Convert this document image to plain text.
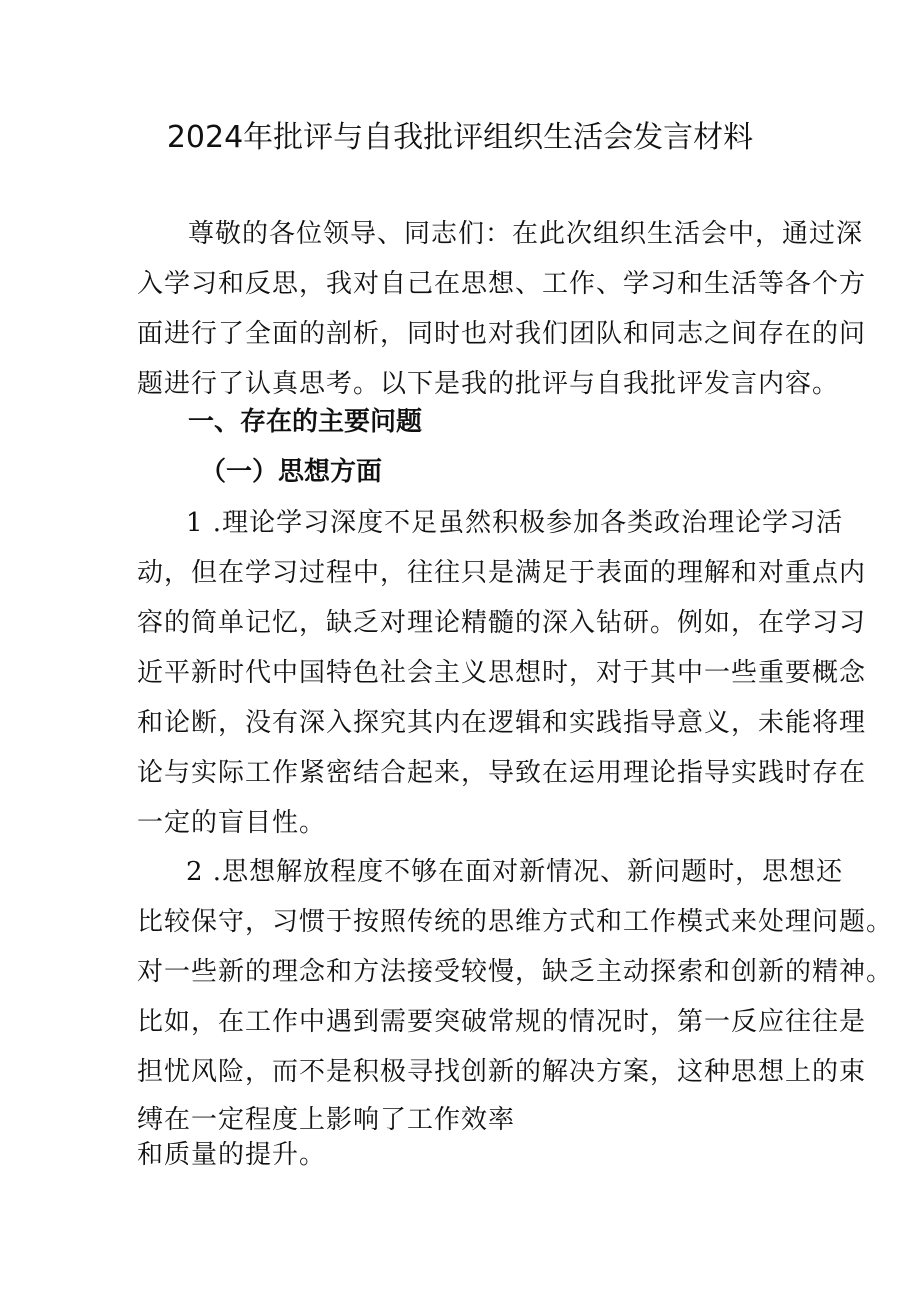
2024年批评与自我批评组织生活会发言材料
尊敬的各位领导、同志们：在此次组织生活会中，通过深
入学习和反思，我对自己在思想、工作、学习和生活等各个方
面进行了全面的剖析，同时也对我们团队和同志之间存在的问
题进行了认真思考。以下是我的批评与自我批评发言内容。
一、存在的主要问题
（一）思想方面
1 .理论学习深度不足虽然积极参加各类政治理论学习活
动，但在学习过程中，往往只是满足于表面的理解和对重点内
容的简单记忆，缺乏对理论精髓的深入钻研。例如，在学习习
近平新时代中国特色社会主义思想时，对于其中一些重要概念
和论断，没有深入探究其内在逻辑和实践指导意义，未能将理
论与实际工作紧密结合起来，导致在运用理论指导实践时存在
一定的盲目性。
2 .思想解放程度不够在面对新情况、新问题时，思想还
比较保守，习惯于按照传统的思维方式和工作模式来处理问题。
对一些新的理念和方法接受较慢，缺乏主动探索和创新的精神。
比如，在工作中遇到需要突破常规的情况时，第一反应往往是
担忧风险，而不是积极寻找创新的解决方案，这种思想上的束
缚在一定程度上影响了工作效率
和质量的提升。
